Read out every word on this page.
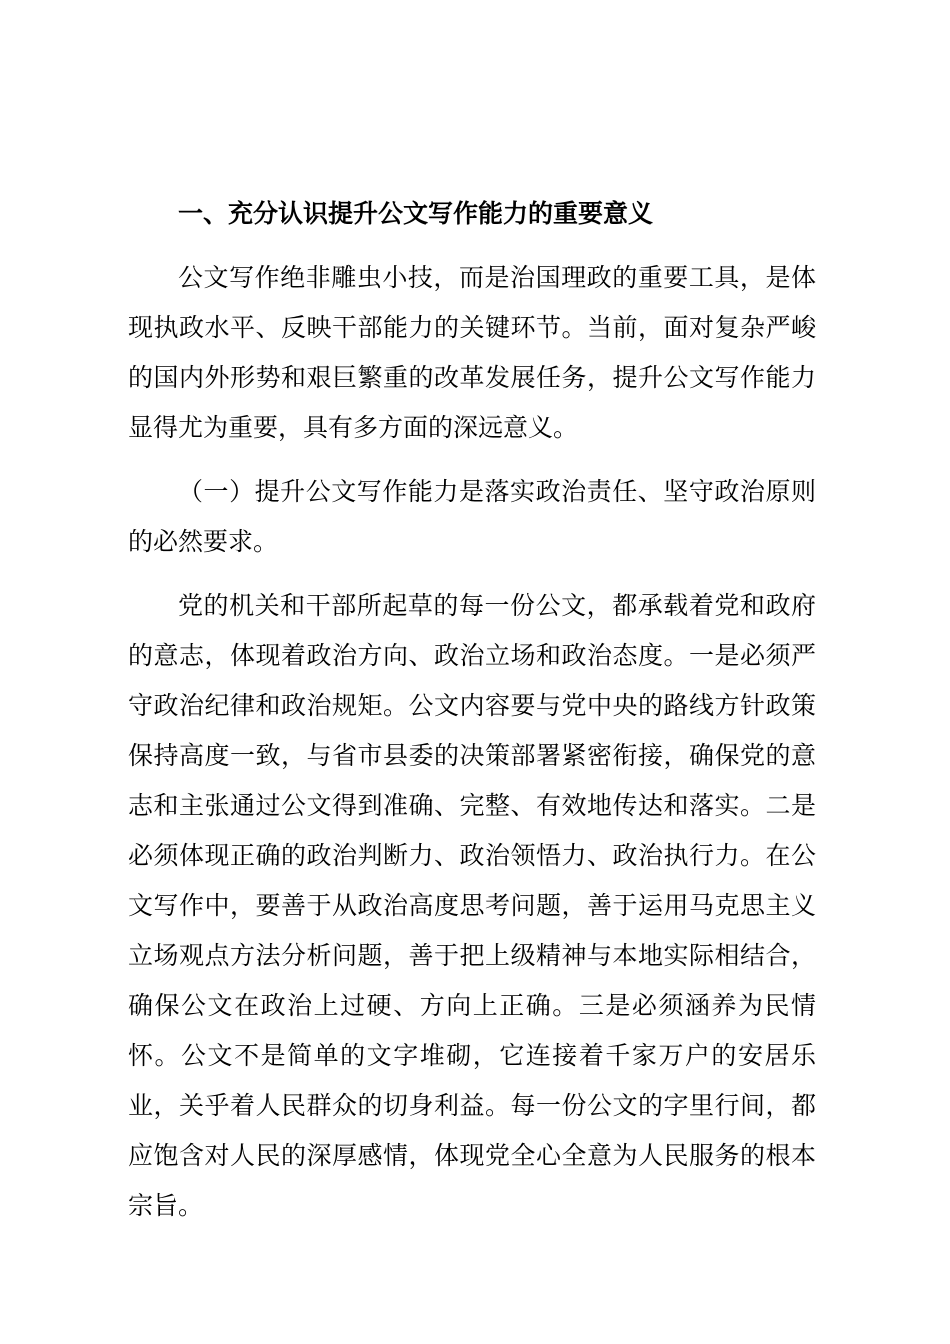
一、充分认识提升公文写作能力的重要意义

公文写作绝非雕虫小技，而是治国理政的重要工具，是体现执政水平、反映干部能力的关键环节。当前，面对复杂严峻的国内外形势和艰巨繁重的改革发展任务，提升公文写作能力显得尤为重要，具有多方面的深远意义。

（一）提升公文写作能力是落实政治责任、坚守政治原则的必然要求。

党的机关和干部所起草的每一份公文，都承载着党和政府的意志，体现着政治方向、政治立场和政治态度。一是必须严守政治纪律和政治规矩。公文内容要与党中央的路线方针政策保持高度一致，与省市县委的决策部署紧密衔接，确保党的意志和主张通过公文得到准确、完整、有效地传达和落实。二是必须体现正确的政治判断力、政治领悟力、政治执行力。在公文写作中，要善于从政治高度思考问题，善于运用马克思主义立场观点方法分析问题，善于把上级精神与本地实际相结合，确保公文在政治上过硬、方向上正确。三是必须涵养为民情怀。公文不是简单的文字堆砌，它连接着千家万户的安居乐业，关乎着人民群众的切身利益。每一份公文的字里行间，都应饱含对人民的深厚感情，体现党全心全意为人民服务的根本宗旨。
